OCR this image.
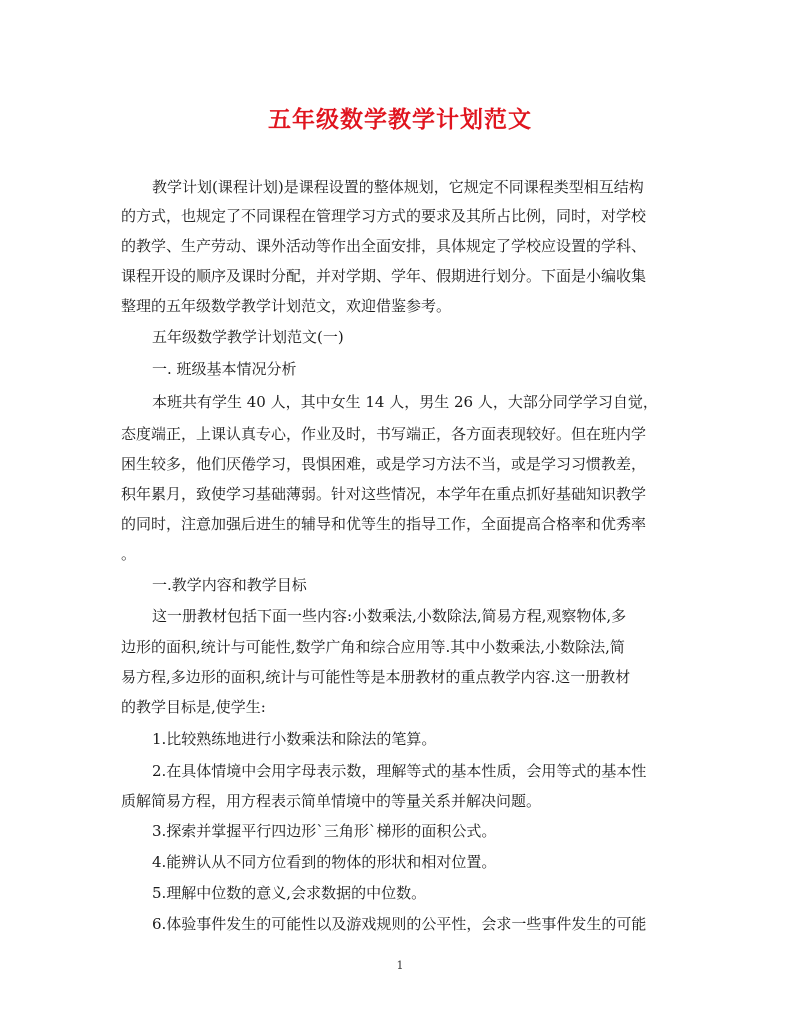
五年级数学教学计划范文
教学计划(课程计划)是课程设置的整体规划，它规定不同课程类型相互结构
的方式，也规定了不同课程在管理学习方式的要求及其所占比例，同时，对学校
的教学、生产劳动、课外活动等作出全面安排，具体规定了学校应设置的学科、
课程开设的顺序及课时分配，并对学期、学年、假期进行划分。下面是小编收集
整理的五年级数学教学计划范文，欢迎借鉴参考。
五年级数学教学计划范文(一)
一. 班级基本情况分析
本班共有学生 40 人，其中女生 14 人，男生 26 人，大部分同学学习自觉，
态度端正，上课认真专心，作业及时，书写端正，各方面表现较好。但在班内学
困生较多，他们厌倦学习，畏惧困难，或是学习方法不当，或是学习习惯教差，
积年累月，致使学习基础薄弱。针对这些情况，本学年在重点抓好基础知识教学
的同时，注意加强后进生的辅导和优等生的指导工作，全面提高合格率和优秀率
。
一.教学内容和教学目标
这一册教材包括下面一些内容:小数乘法,小数除法,简易方程,观察物体,多
边形的面积,统计与可能性,数学广角和综合应用等.其中小数乘法,小数除法,简
易方程,多边形的面积,统计与可能性等是本册教材的重点教学内容.这一册教材
的教学目标是,使学生:
1.比较熟练地进行小数乘法和除法的笔算。
2.在具体情境中会用字母表示数，理解等式的基本性质，会用等式的基本性
质解简易方程，用方程表示简单情境中的等量关系并解决问题。
3.探索并掌握平行四边形`三角形`梯形的面积公式。
4.能辨认从不同方位看到的物体的形状和相对位置。
5.理解中位数的意义,会求数据的中位数。
6.体验事件发生的可能性以及游戏规则的公平性，会求一些事件发生的可能
1
